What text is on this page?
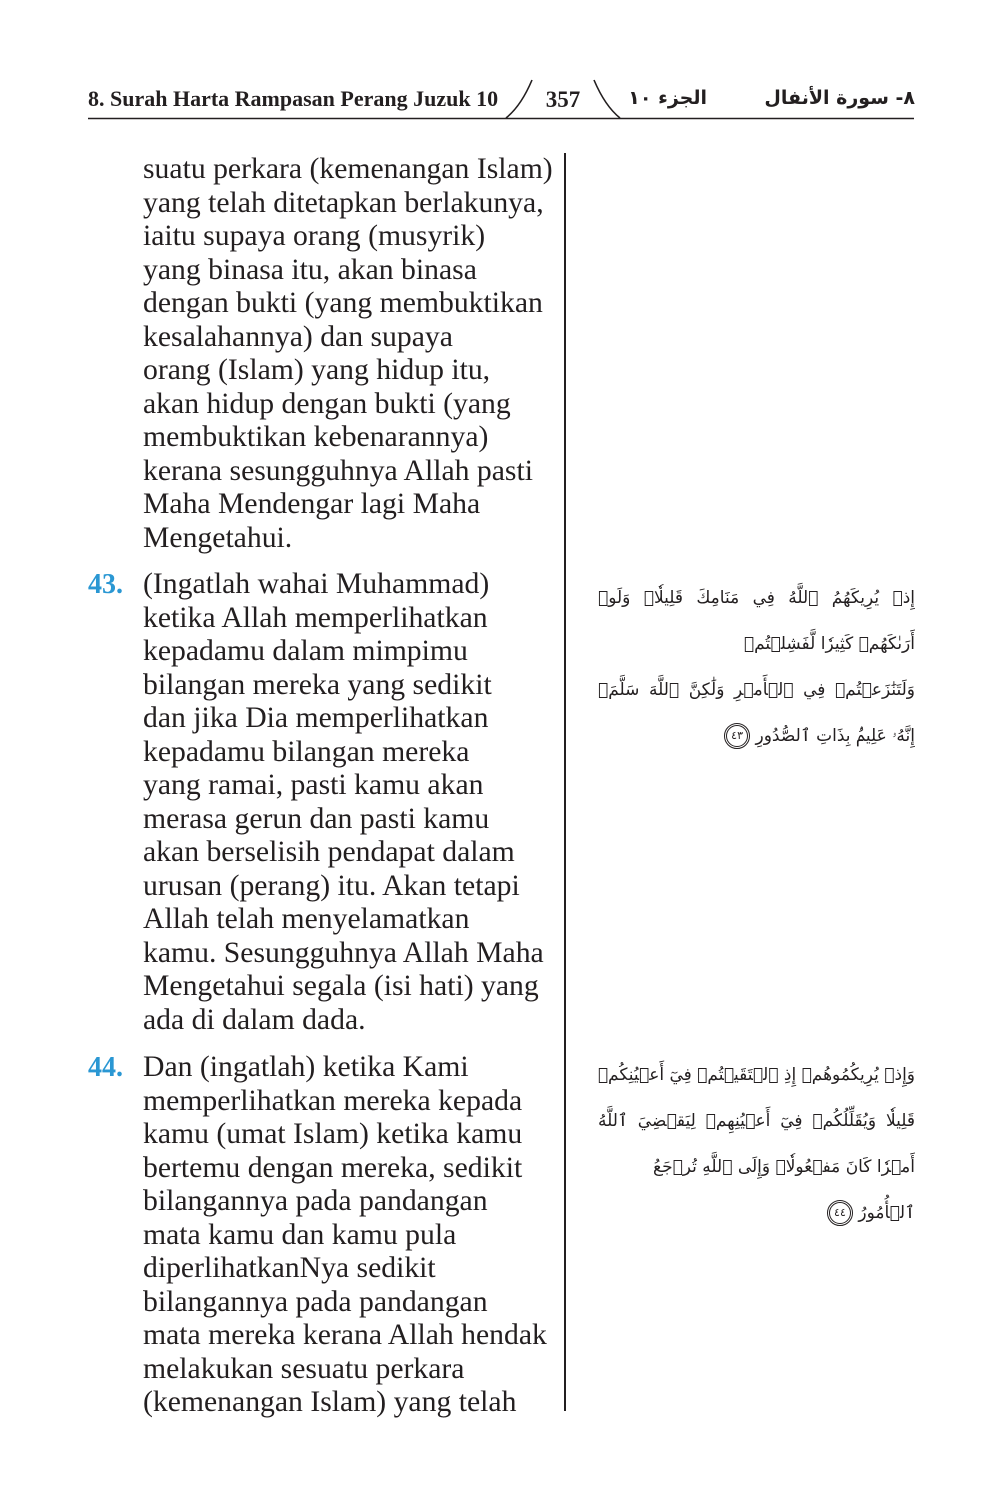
8. Surah Harta Rampasan Perang Juzuk 10	357	الجزء ١٠	٨- سورة الأنفال
suatu perkara (kemenangan Islam)
yang telah ditetapkan berlakunya,
iaitu supaya orang (musyrik)
yang binasa itu, akan binasa
dengan bukti (yang membuktikan
kesalahannya) dan supaya
orang (Islam) yang hidup itu,
akan hidup dengan bukti (yang
membuktikan kebenarannya)
kerana sesungguhnya Allah pasti
Maha Mendengar lagi Maha
Mengetahui.
43. (Ingatlah wahai Muhammad)
ketika Allah memperlihatkan
kepadamu dalam mimpimu
bilangan mereka yang sedikit
dan jika Dia memperlihatkan
kepadamu bilangan mereka
yang ramai, pasti kamu akan
merasa gerun dan pasti kamu
akan berselisih pendapat dalam
urusan (perang) itu. Akan tetapi
Allah telah menyelamatkan
kamu. Sesungguhnya Allah Maha
Mengetahui segala (isi hati) yang
ada di dalam dada.
44. Dan (ingatlah) ketika Kami
memperlihatkan mereka kepada
kamu (umat Islam) ketika kamu
bertemu dengan mereka, sedikit
bilangannya pada pandangan
mata kamu dan kamu pula
diperlihatkanNya sedikit
bilangannya pada pandangan
mata mereka kerana Allah hendak
melakukan sesuatu perkara
(kemenangan Islam) yang telah
إِذۡ يُرِيكَهُمُ ٱللَّهُ فِي مَنَامِكَ قَلِيلٗاۖ وَلَوۡ
أَرَىٰكَهُمۡ كَثِيرٗا لَّفَشِلۡتُمۡ
وَلَتَنَٰزَعۡتُمۡ فِي ٱلۡأَمۡرِ وَلَٰكِنَّ ٱللَّهَ سَلَّمَۚ
إِنَّهُۥ عَلِيمُۢ بِذَاتِ ٱلصُّدُورِ ٤٣
وَإِذۡ يُرِيكُمُوهُمۡ إِذِ ٱلۡتَقَيۡتُمۡ فِيٓ أَعۡيُنِكُمۡ
قَلِيلٗا وَيُقَلِّلُكُمۡ فِيٓ أَعۡيُنِهِمۡ لِيَقۡضِيَ ٱللَّهُ
أَمۡرٗا كَانَ مَفۡعُولٗاۗ وَإِلَى ٱللَّهِ تُرۡجَعُ
ٱلۡأُمُورُ ٤٤
